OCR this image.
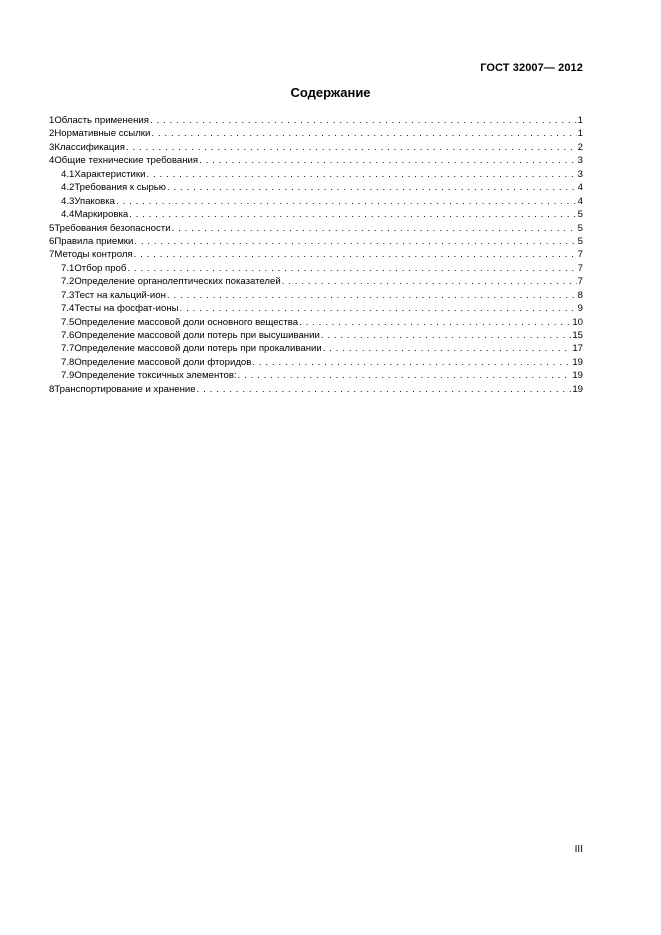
ГОСТ 32007— 2012
Содержание
1 Область применения . . .	1
2 Нормативные ссылки . . .	1
3 Классификация . . .	2
4 Общие технические требования . . .	3
4.1 Характеристики . . .	3
4.2 Требования к сырью . . .	4
4.3 Упаковка . . .	4
4.4 Маркировка . . .	5
5 Требования безопасности . . .	5
6 Правила приемки . . .	5
7 Методы контроля . . .	7
7.1 Отбор проб . . .	7
7.2 Определение органолептических показателей . . .	7
7.3 Тест на кальций-ион . . .	8
7.4 Тесты на фосфат-ионы . . .	9
7.5 Определение массовой доли основного вещества . . .	10
7.6 Определение массовой доли потерь при высушивании . . .	15
7.7 Определение массовой доли потерь при прокаливании . . .	17
7.8 Определение массовой доли фторидов . . .	19
7.9 Определение токсичных элементов: . . .	19
8 Транспортирование и хранение . . .	19
III
